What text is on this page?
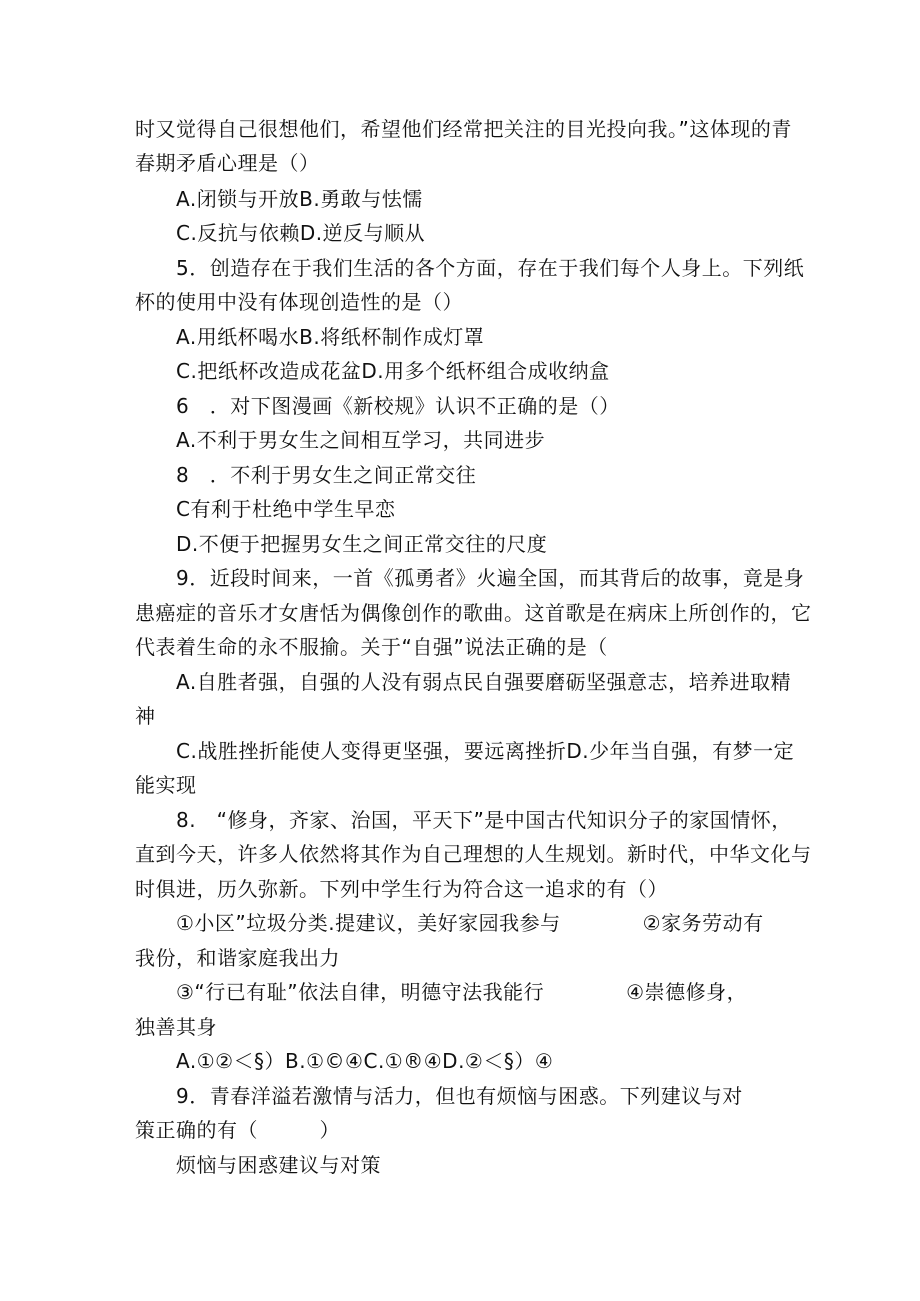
时又觉得自己很想他们，希望他们经常把关注的目光投向我。”这体现的青
春期矛盾心理是（）
A.闭锁与开放B.勇敢与怯懦
C.反抗与依赖D.逆反与顺从
5．创造存在于我们生活的各个方面，存在于我们每个人身上。下列纸
杯的使用中没有体现创造性的是（）
A.用纸杯喝水B.将纸杯制作成灯罩
C.把纸杯改造成花盆D.用多个纸杯组合成收纳盒
6　．对下图漫画《新校规》认识不正确的是（）
A.不利于男女生之间相互学习，共同进步
8　．不利于男女生之间正常交往
C有利于杜绝中学生早恋
D.不便于把握男女生之间正常交往的尺度
9．近段时间来，一首《孤勇者》火遍全国，而其背后的故事，竟是身
患癌症的音乐才女唐恬为偶像创作的歌曲。这首歌是在病床上所创作的，它
代表着生命的永不服揄。关于“自强”说法正确的是（
A.自胜者强，自强的人没有弱点民自强要磨砺坚强意志，培养进取精
神
C.战胜挫折能使人变得更坚强，要远离挫折D.少年当自强，有梦一定
能实现
8.　“修身，齐家、治国，平天下”是中国古代知识分子的家国情怀，
直到今天，许多人依然将其作为自己理想的人生规划。新时代，中华文化与
时俱进，历久弥新。下列中学生行为符合这一追求的有（）
①小区”垃圾分类.提建议，美好家园我参与　　　　②家务劳动有
我份，和谐家庭我出力
③“行已有耻”依法自律，明德守法我能行　　　　④崇德修身，
独善其身
A.①②＜§）B.①©④C.①®④D.②＜§）④
9．青春洋溢若激情与活力，但也有烦恼与困惑。下列建议与对
策正确的有（　　　）
烦恼与困惑建议与对策
